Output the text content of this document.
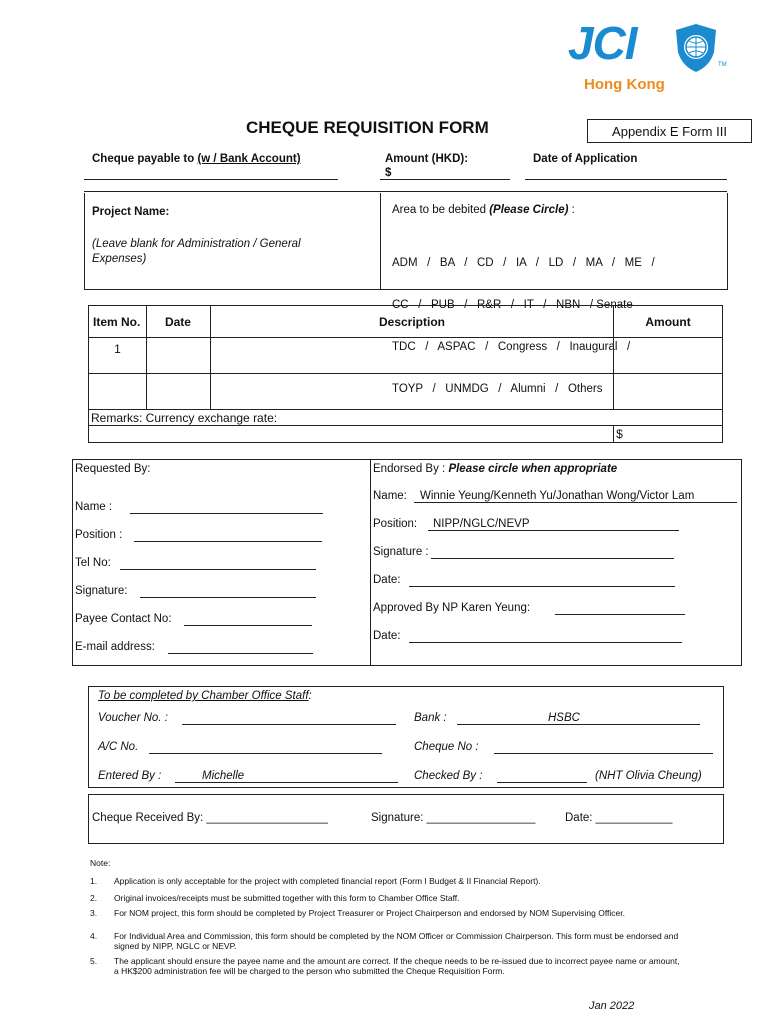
JCI	TM
Hong Kong
CHEQUE REQUISITION FORM	Appendix E Form III
Cheque payable to (w / Bank Account)	Amount (HKD):
$
Date of Application
Project Name:
(Leave blank for Administration / General Expenses)
Area to be debited (Please Circle) :

ADM   /   BA   /   CD   /   IA   /   LD   /   MA   /   ME   /

CC   /   PUB   /   R&R   /   IT   /   NBN   / Senate

TDC   /   ASPAC   /   Congress   /   Inaugural   /

TOYP   /   UNMDG   /   Alumni   /   Others

Item No.	Date	Description	Amount
1			

Remarks: Currency exchange rate:			
			$
Requested By:
Name :
Position :
Tel No:
Signature:
Payee Contact No:
E-mail address:
Endorsed By : Please circle when appropriate
Name: Winnie Yeung/Kenneth Yu/Jonathan Wong/Victor Lam
Position: NIPP/NGLC/NEVP
Signature :
Date:
Approved By NP Karen Yeung:
Date:
To be completed by Chamber Office Staff:
Voucher No. :	Bank :	HSBC
A/C No.	Cheque No :
Entered By :	Michelle	Checked By :	(NHT Olivia Cheung)
Cheque Received By: ___________________	Signature: _________________	Date: ____________
Note:
1. Application is only acceptable for the project with completed financial report (Form I Budget & II Financial Report).
2. Original invoices/receipts must be submitted together with this form to Chamber Office Staff.
3. For NOM project, this form should be completed by Project Treasurer or Project Chairperson and endorsed by NOM Supervising Officer.
4. For Individual Area and Commission, this form should be completed by the NOM Officer or Commission Chairperson. This form must be endorsed and signed by NIPP, NGLC or NEVP.
5. The applicant should ensure the payee name and the amount are correct. If the cheque needs to be re-issued due to incorrect payee name or amount, a HK$200 administration fee will be charged to the person who submitted the Cheque Requisition Form.
Jan 2022
